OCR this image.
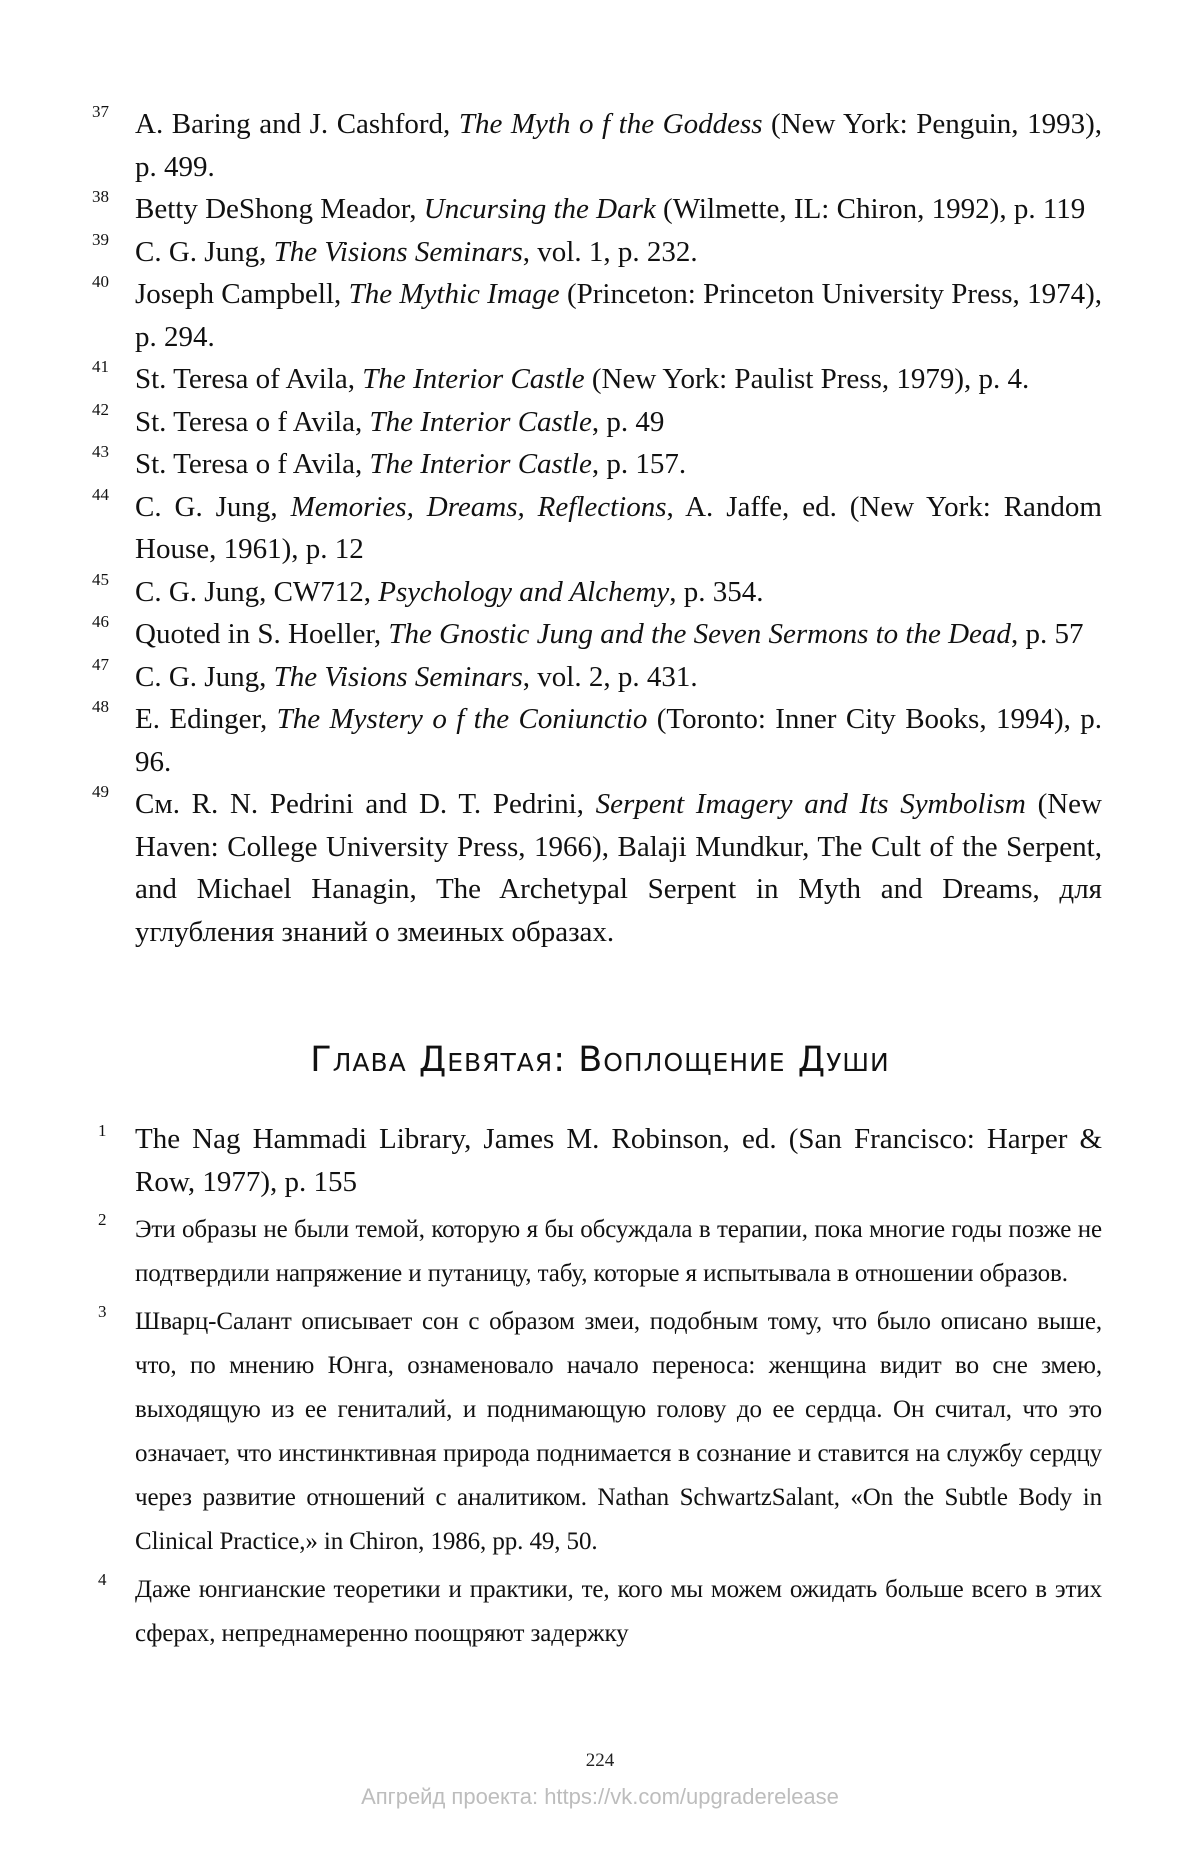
37 A. Baring and J. Cashford, The Myth o f the Goddess (New York: Penguin, 1993), p. 499.
38 Betty DeShong Meador, Uncursing the Dark (Wilmette, IL: Chiron, 1992), p. 119
39 C. G. Jung, The Visions Seminars, vol. 1, p. 232.
40 Joseph Campbell, The Mythic Image (Princeton: Princeton University Press, 1974), p. 294.
41 St. Teresa of Avila, The Interior Castle (New York: Paulist Press, 1979), p. 4.
42 St. Teresa o f Avila, The Interior Castle, p. 49
43 St. Teresa o f Avila, The Interior Castle, p. 157.
44 C. G. Jung, Memories, Dreams, Reflections, A. Jaffe, ed. (New York: Random House, 1961), p. 12
45 C. G. Jung, CW712, Psychology and Alchemy, p. 354.
46 Quoted in S. Hoeller, The Gnostic Jung and the Seven Sermons to the Dead, p. 57
47 C. G. Jung, The Visions Seminars, vol. 2, p. 431.
48 E. Edinger, The Mystery o f the Coniunctio (Toronto: Inner City Books, 1994), p. 96.
49 См. R. N. Pedrini and D. T. Pedrini, Serpent Imagery and Its Symbolism (New Haven: College University Press, 1966), Balaji Mundkur, The Cult of the Serpent, and Michael Hanagin, The Archetypal Serpent in Myth and Dreams, для углубления знаний о змеиных образах.
Глава Девятая: Воплощение Души
1 The Nag Hammadi Library, James M. Robinson, ed. (San Francisco: Harper & Row, 1977), p. 155
2 Эти образы не были темой, которую я бы обсуждала в терапии, пока многие годы позже не подтвердили напряжение и путаницу, табу, которые я испытывала в отношении образов.
3 Шварц-Салант описывает сон с образом змеи, подобным тому, что было описано выше, что, по мнению Юнга, ознаменовало начало переноса: женщина видит во сне змею, выходящую из ее гениталий, и поднимающую голову до ее сердца. Он считал, что это означает, что инстинктивная природа поднимается в сознание и ставится на службу сердцу через развитие отношений с аналитиком. Nathan SchwartzSalant, «On the Subtle Body in Clinical Practice,» in Chiron, 1986, pp. 49, 50.
4 Даже юнгианские теоретики и практики, те, кого мы можем ожидать больше всего в этих сферах, непреднамеренно поощряют задержку
224
Апгрейд проекта: https://vk.com/upgraderelease
